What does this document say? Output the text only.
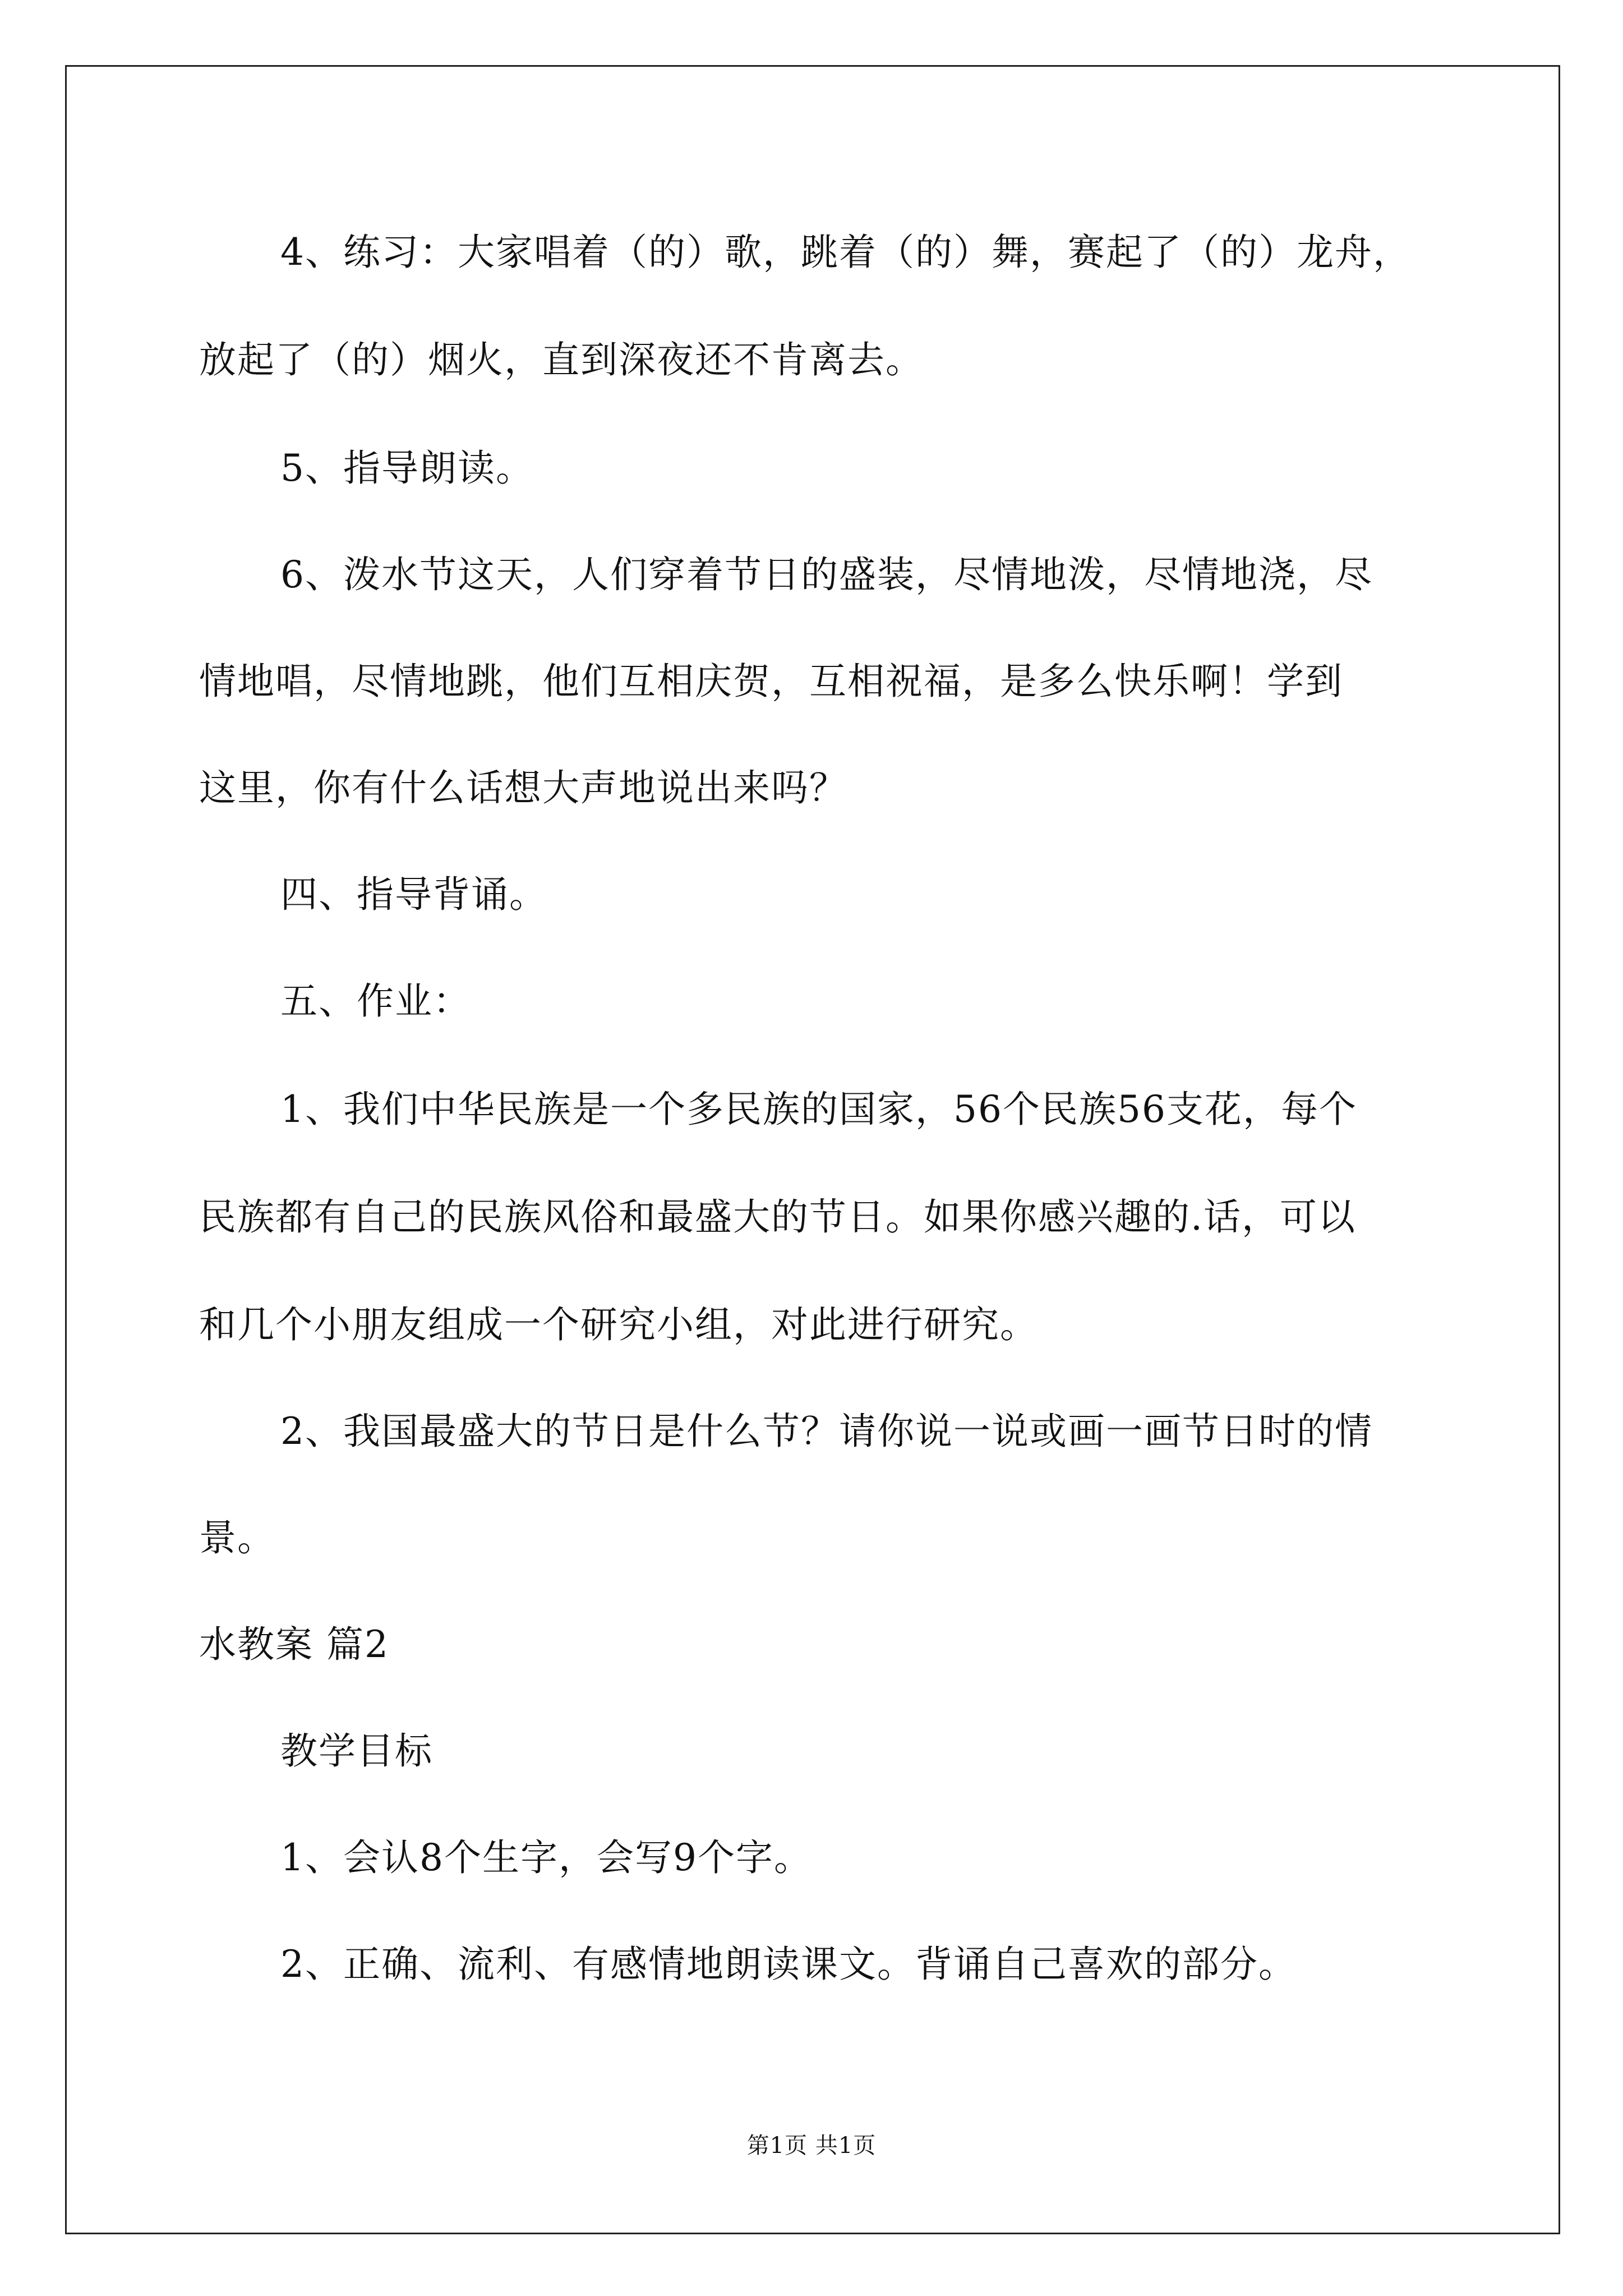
4、练习：大家唱着（的）歌，跳着（的）舞，赛起了（的）龙舟，
放起了（的）烟火，直到深夜还不肯离去。
5、指导朗读。
6、泼水节这天，人们穿着节日的盛装，尽情地泼，尽情地浇，尽
情地唱，尽情地跳，他们互相庆贺，互相祝福，是多么快乐啊！学到
这里，你有什么话想大声地说出来吗？
四、指导背诵。
五、作业：
1、我们中华民族是一个多民族的国家，56个民族56支花，每个
民族都有自己的民族风俗和最盛大的节日。如果你感兴趣的.话，可以
和几个小朋友组成一个研究小组，对此进行研究。
2、我国最盛大的节日是什么节？请你说一说或画一画节日时的情
景。
水教案 篇2
教学目标
1、会认8个生字，会写9个字。
2、正确、流利、有感情地朗读课文。背诵自己喜欢的部分。
第1页 共1页
